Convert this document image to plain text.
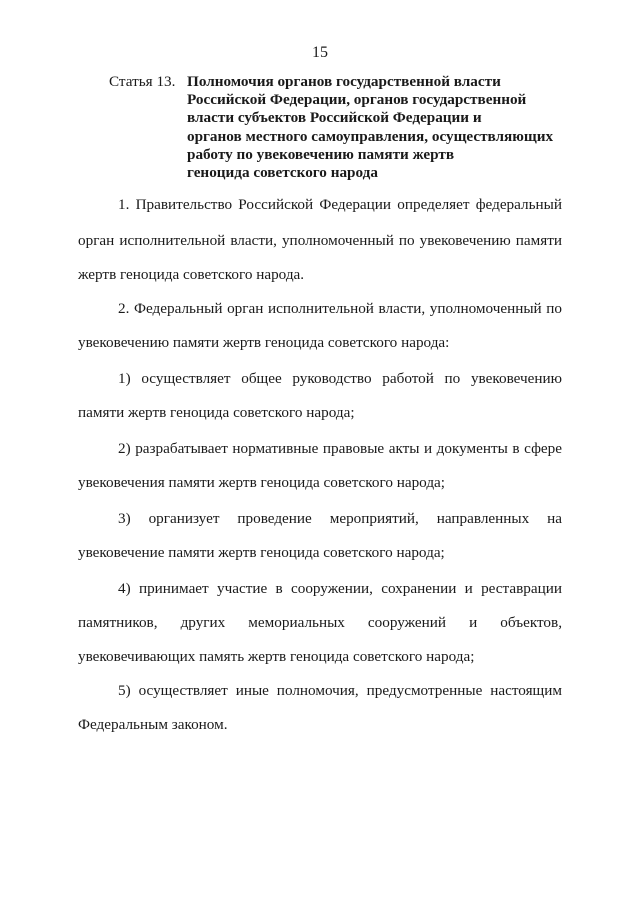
15
Статья 13. Полномочия органов государственной власти
Российской Федерации, органов государственной
власти субъектов Российской Федерации и
органов местного самоуправления, осуществляющих
работу по увековечению памяти жертв
геноцида советского народа
1. Правительство Российской Федерации определяет федеральный
орган исполнительной власти, уполномоченный по увековечению памяти
жертв геноцида советского народа.
2. Федеральный орган исполнительной власти, уполномоченный по
увековечению памяти жертв геноцида советского народа:
1) осуществляет общее руководство работой по увековечению
памяти жертв геноцида советского народа;
2) разрабатывает нормативные правовые акты и документы в сфере
увековечения памяти жертв геноцида советского народа;
3) организует проведение мероприятий, направленных на
увековечение памяти жертв геноцида советского народа;
4) принимает участие в сооружении, сохранении и реставрации
памятников, других мемориальных сооружений и объектов,
увековечивающих память жертв геноцида советского народа;
5) осуществляет иные полномочия, предусмотренные настоящим
Федеральным законом.
